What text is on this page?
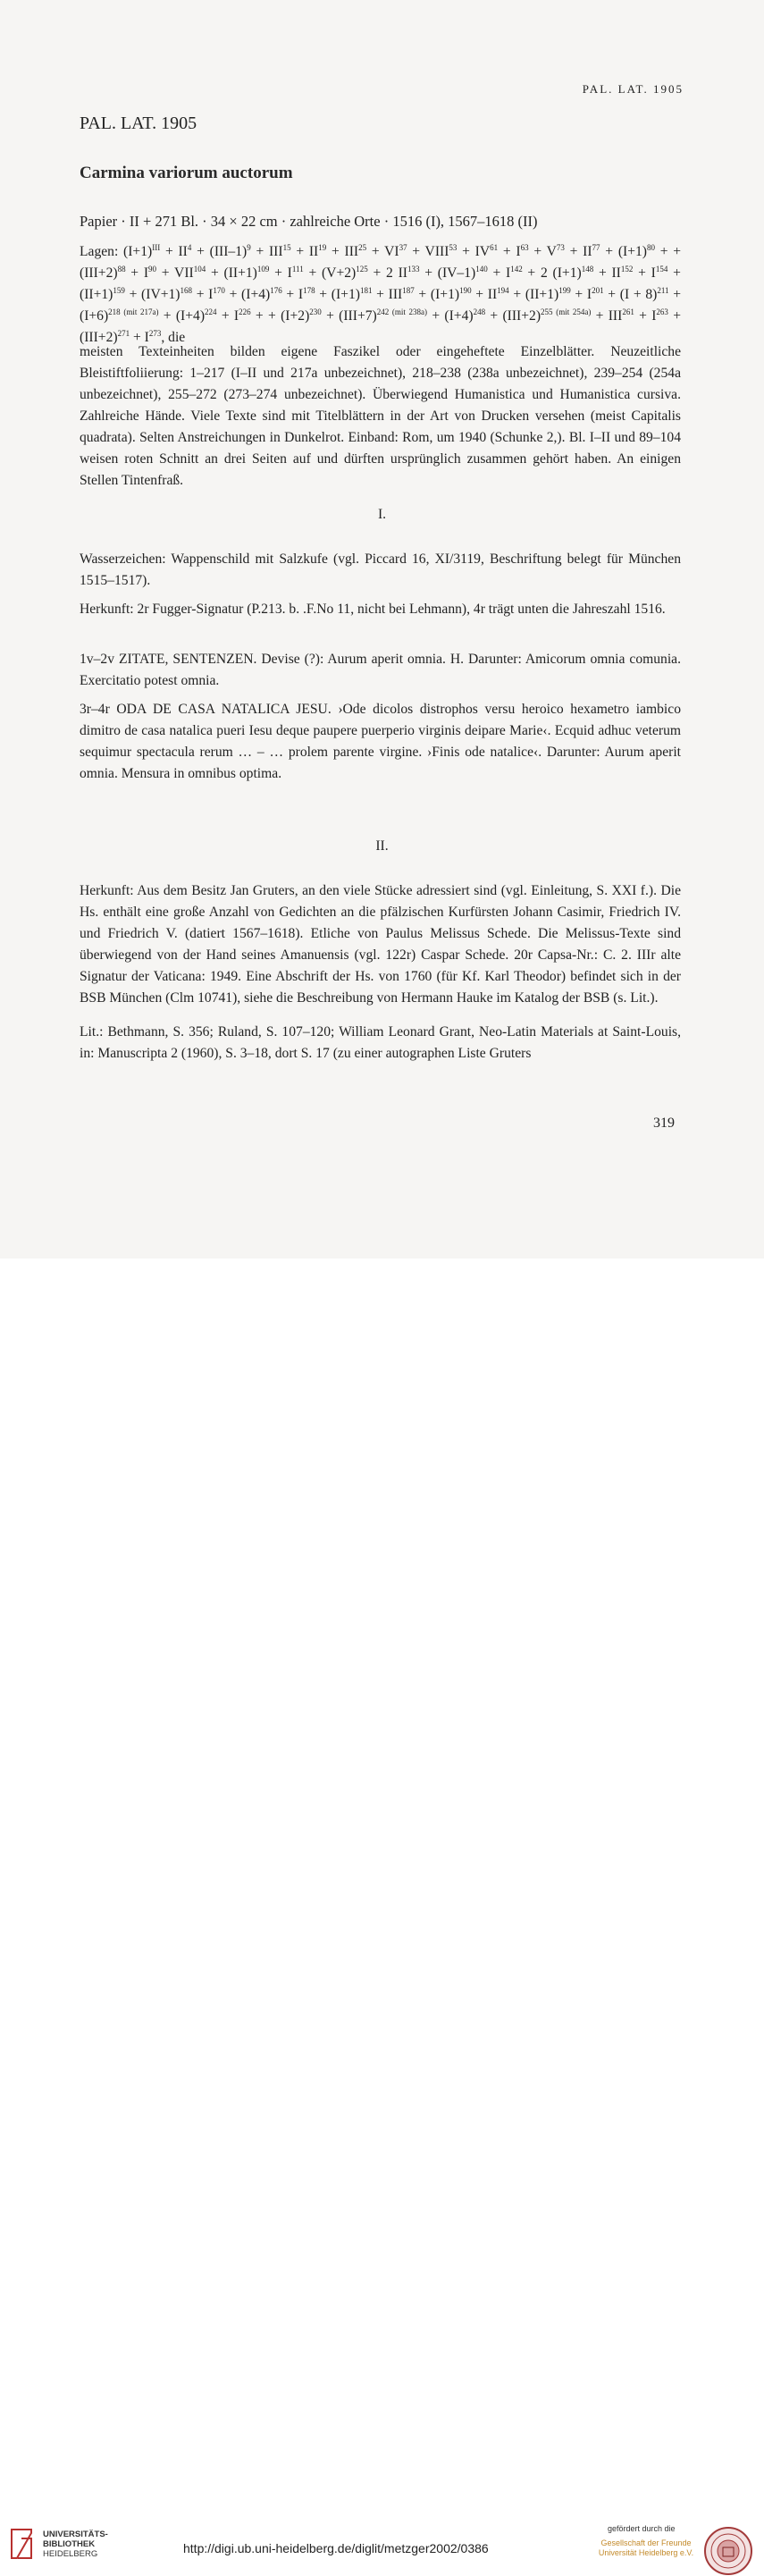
PAL. LAT. 1905
PAL. LAT. 1905
Carmina variorum auctorum
Papier · II + 271 Bl. · 34 × 22 cm · zahlreiche Orte · 1516 (I), 1567–1618 (II)
Lagen: $(I+1)^{III} + II^4 + (III-1)^9 + III^{15} + II^{19} + III^{25} + VI^{37}$ + $VIII^{53} + IV^{61} + I^{63} + V^{73} + II^{77} + (I+1)^{80}$ + + $(III+2)^{88} + I^{90} + VII^{104} + (II+1)^{109} + I^{111} + (V+2)^{125} + 2$ $II^{133} + (IV-1)^{140} + I^{142} + 2$ $(I+1)^{148} + II^{152} + I^{154} + (II+1)^{159} + (IV+1)^{168} + I^{170} + (I+4)^{176} + I^{178} + (I+1)^{181} + III^{187} + (I+1)^{190} + II^{194} + (II+1)^{199} + I^{201} + (I + 8)^{211} + (I+6)^{218 (mit 217a)} + (I+4)^{224} + I^{226}$ + + $(I+2)^{230} + (III+7)^{242 (mit 238a)} + (I+4)^{248} + (III+2)^{255 (mit 254a)} + III^{261} + I^{263} + (III+2)^{271} + I^{273}$, die
meisten Texteinheiten bilden eigene Faszikel oder eingeheftete Einzelblätter. Neuzeitliche Bleistiftfoliierung: 1–217 (I–II und 217a unbezeichnet), 218–238 (238a unbezeichnet), 239–254 (254a unbezeichnet), 255–272 (273–274 unbezeichnet). Überwiegend Humanistica und Humanistica cursiva. Zahlreiche Hände. Viele Texte sind mit Titelblättern in der Art von Drucken versehen (meist Capitalis quadrata). Selten Anstreichungen in Dunkelrot. Einband: Rom, um 1940 (Schunke 2,). Bl. I–II und 89–104 weisen roten Schnitt an drei Seiten auf und dürften ursprünglich zusammen gehört haben. An einigen Stellen Tintenfraß.
I.
Wasserzeichen: Wappenschild mit Salzkufe (vgl. Piccard 16, XI/3119, Beschriftung belegt für München 1515–1517).
Herkunft: 2r Fugger-Signatur (P.213. b. .F.No 11, nicht bei Lehmann), 4r trägt unten die Jahreszahl 1516.
1v–2v ZITATE, SENTENZEN. Devise (?): Aurum aperit omnia. H. Darunter: Amicorum omnia comunia. Exercitatio potest omnia.
3r–4r ODA DE CASA NATALICA JESU. ›Ode dicolos distrophos versu heroico hexametro iambico dimitro de casa natalica pueri Iesu deque paupere puerperio virginis deipare Marie‹. Ecquid adhuc veterum sequimur spectacula rerum … – … prolem parente virgine. ›Finis ode natalice‹. Darunter: Aurum aperit omnia. Mensura in omnibus optima.
II.
Herkunft: Aus dem Besitz Jan Gruters, an den viele Stücke adressiert sind (vgl. Einleitung, S. XXI f.). Die Hs. enthält eine große Anzahl von Gedichten an die pfälzischen Kurfürsten Johann Casimir, Friedrich IV. und Friedrich V. (datiert 1567–1618). Etliche von Paulus Melissus Schede. Die Melissus-Texte sind überwiegend von der Hand seines Amanuensis (vgl. 122r) Caspar Schede. 20r Capsa-Nr.: C. 2. IIIr alte Signatur der Vaticana: 1949. Eine Abschrift der Hs. von 1760 (für Kf. Karl Theodor) befindet sich in der BSB München (Clm 10741), siehe die Beschreibung von Hermann Hauke im Katalog der BSB (s. Lit.).
Lit.: Bethmann, S. 356; Ruland, S. 107–120; William Leonard Grant, Neo-Latin Materials at Saint-Louis, in: Manuscripta 2 (1960), S. 3–18, dort S. 17 (zu einer autographen Liste Gruters
319
UNIVERSITÄTS-
BIBLIOTHEK
HEIDELBERG	http://digi.ub.uni-heidelberg.de/diglit/metzger2002/0386
gefördert durch die
Gesellschaft der Freunde
Universität Heidelberg e.V.
